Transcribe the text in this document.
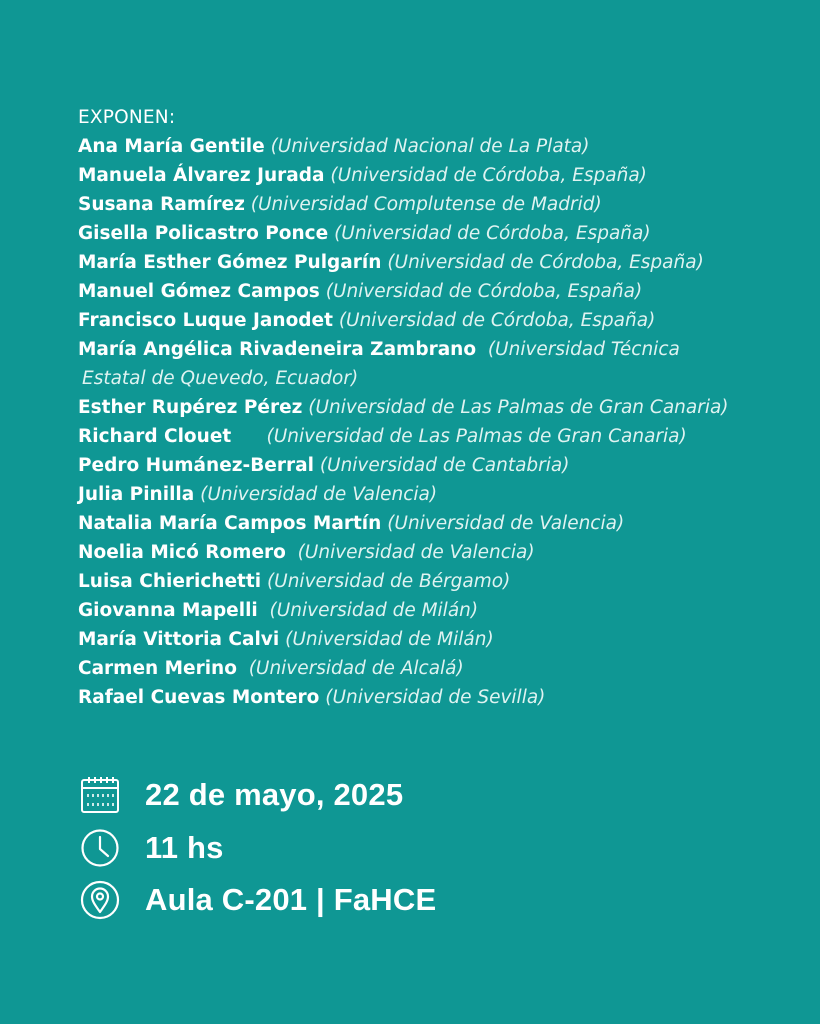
EXPONEN:
Ana María Gentile (Universidad Nacional de La Plata)
Manuela Álvarez Jurada (Universidad de Córdoba, España)
Susana Ramírez (Universidad Complutense de Madrid)
Gisella Policastro Ponce (Universidad de Córdoba, España)
María Esther Gómez Pulgarín (Universidad de Córdoba, España)
Manuel Gómez Campos (Universidad de Córdoba, España)
Francisco Luque Janodet (Universidad de Córdoba, España)
María Angélica Rivadeneira Zambrano (Universidad Técnica
Estatal de Quevedo, Ecuador)
Esther Rupérez Pérez (Universidad de Las Palmas de Gran Canaria)
Richard Clouet (Universidad de Las Palmas de Gran Canaria)
Pedro Humánez-Berral (Universidad de Cantabria)
Julia Pinilla (Universidad de Valencia)
Natalia María Campos Martín (Universidad de Valencia)
Noelia Micó Romero (Universidad de Valencia)
Luisa Chierichetti (Universidad de Bérgamo)
Giovanna Mapelli (Universidad de Milán)
María Vittoria Calvi (Universidad de Milán)
Carmen Merino (Universidad de Alcalá)
Rafael Cuevas Montero (Universidad de Sevilla)
22 de mayo, 2025
11 hs
Aula C-201 | FaHCE
